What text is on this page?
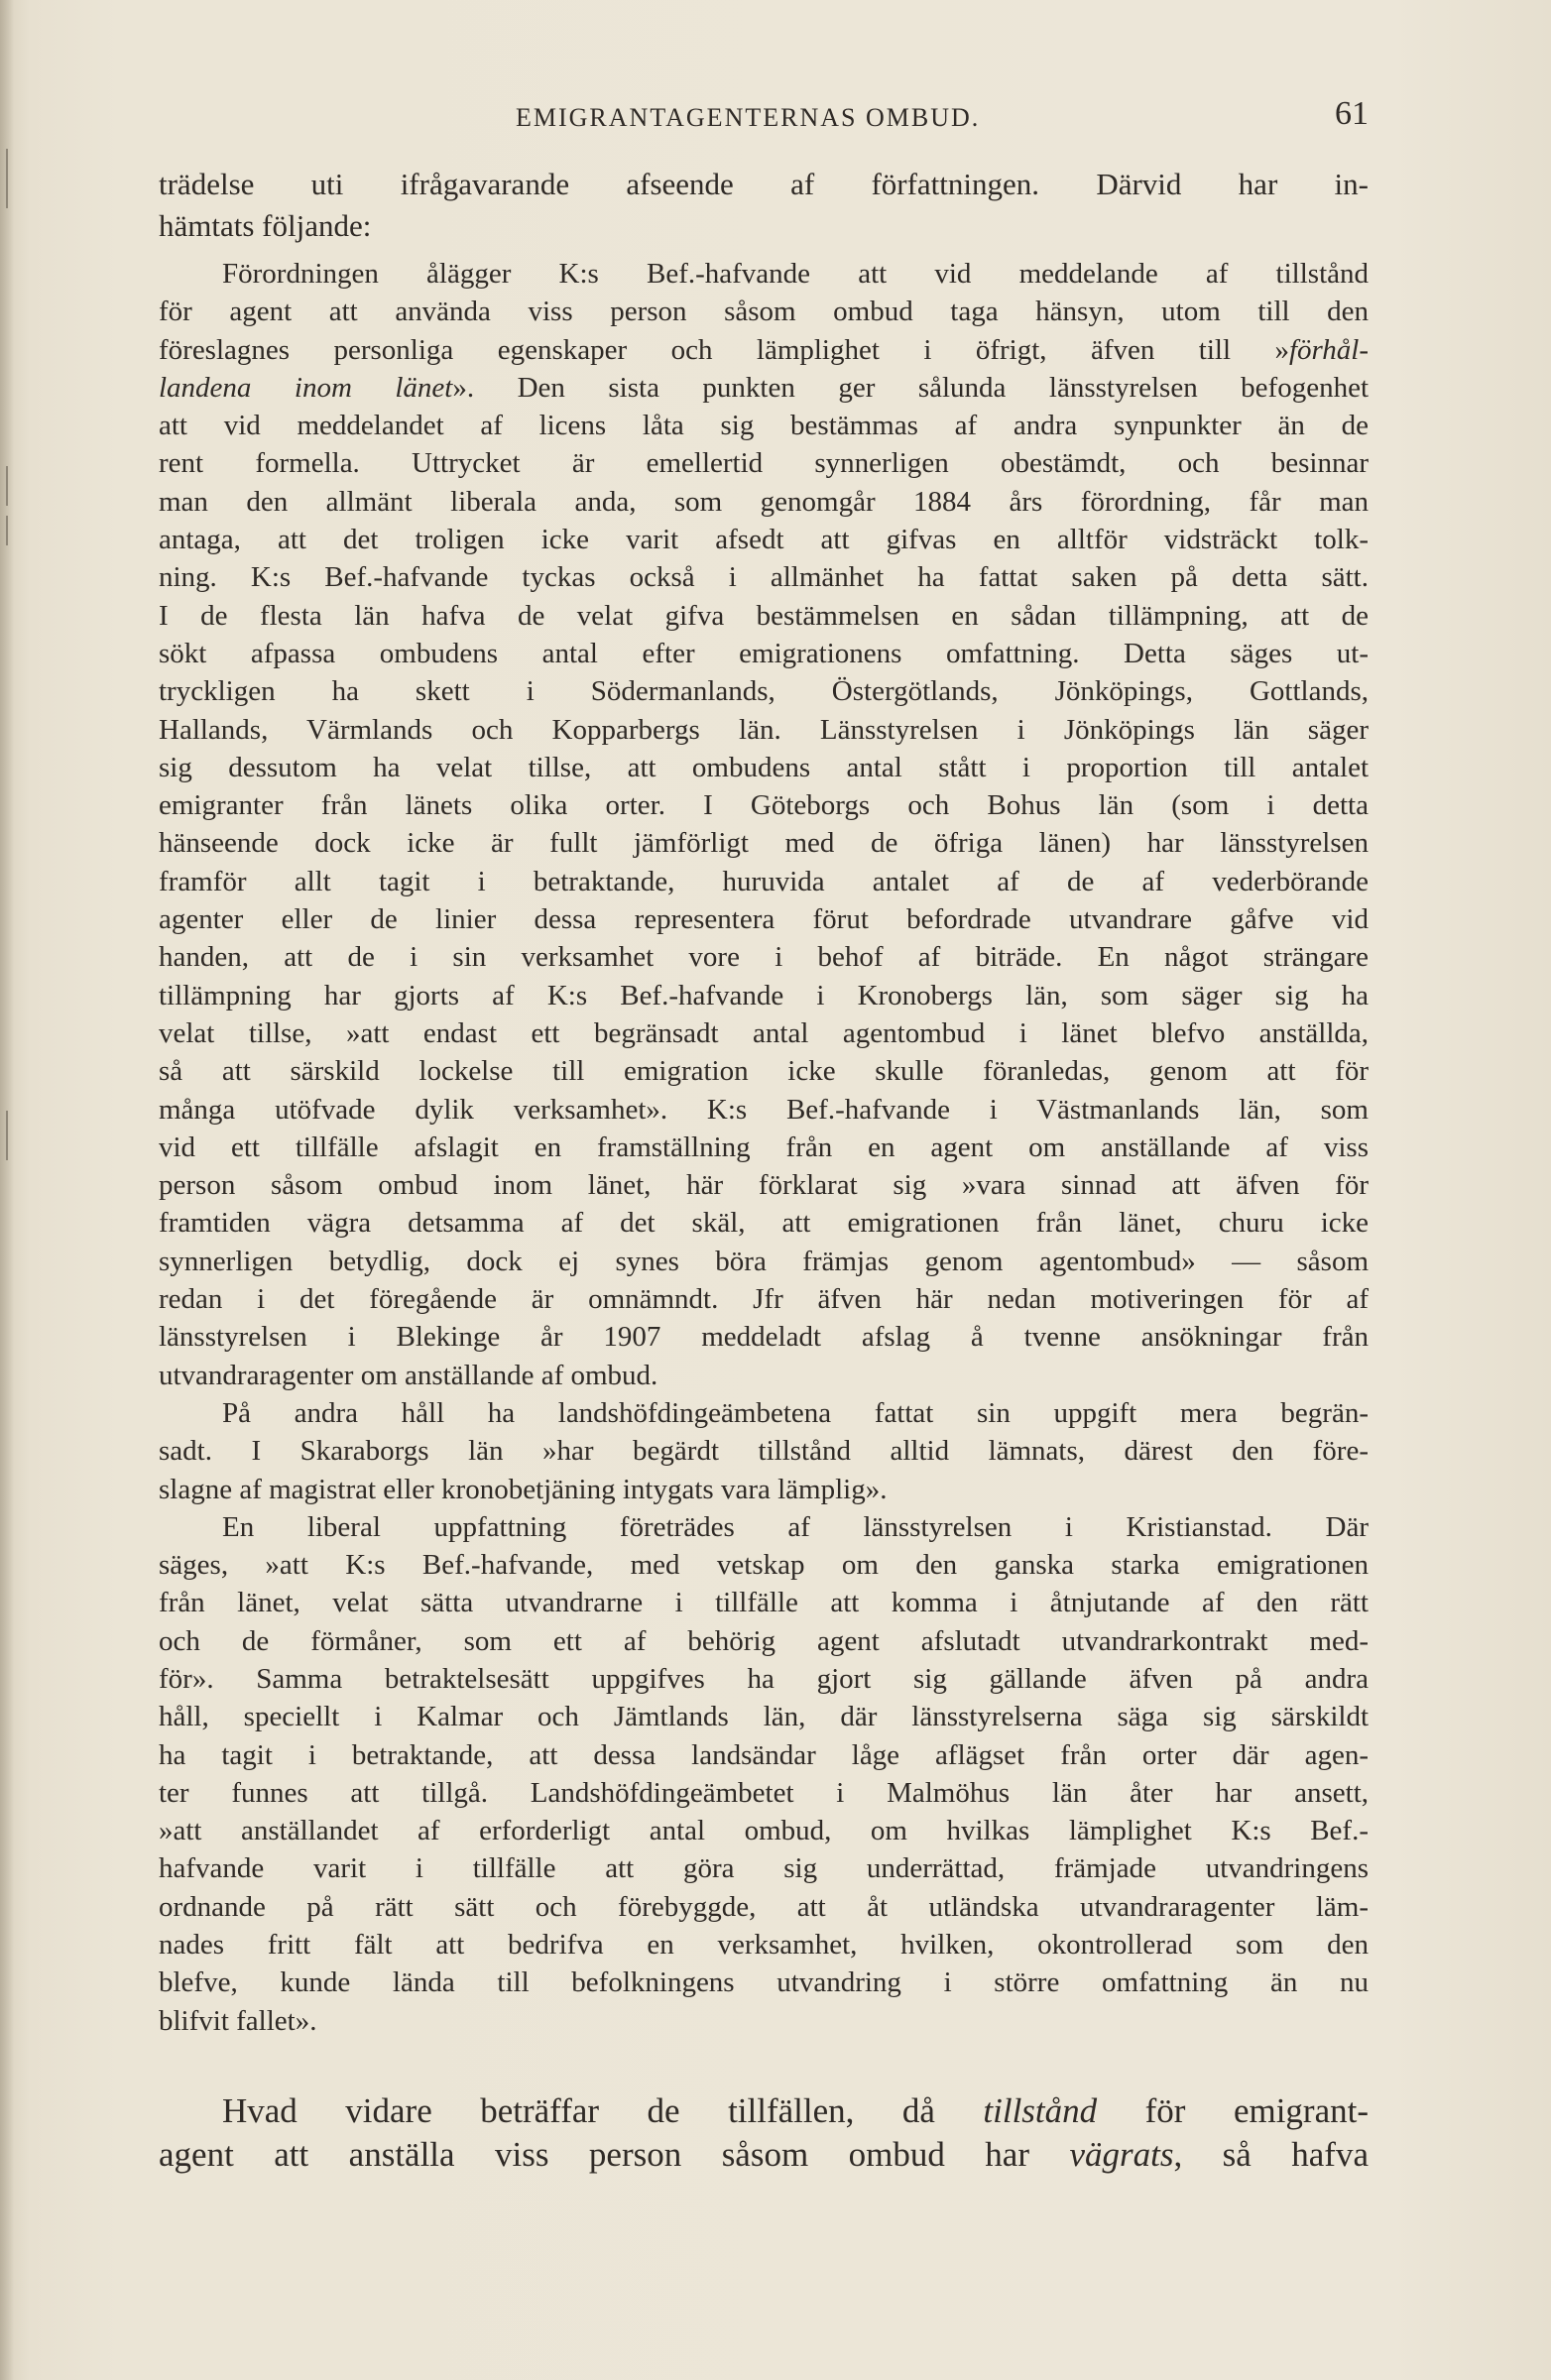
EMIGRANTAGENTERNAS OMBUD.	61
trädelse uti ifrågavarande afseende af författningen. Därvid har in-
hämtats följande:
Förordningen ålägger K:s Bef.-hafvande att vid meddelande af tillstånd
för agent att använda viss person såsom ombud taga hänsyn, utom till den
föreslagnes personliga egenskaper och lämplighet i öfrigt, äfven till »förhål-
landena inom länet». Den sista punkten ger sålunda länsstyrelsen befogenhet
att vid meddelandet af licens låta sig bestämmas af andra synpunkter än de
rent formella. Uttrycket är emellertid synnerligen obestämdt, och besinnar
man den allmänt liberala anda, som genomgår 1884 års förordning, får man
antaga, att det troligen icke varit afsedt att gifvas en alltför vidsträckt tolk-
ning. K:s Bef.-hafvande tyckas också i allmänhet ha fattat saken på detta sätt.
I de flesta län hafva de velat gifva bestämmelsen en sådan tillämpning, att de
sökt afpassa ombudens antal efter emigrationens omfattning. Detta säges ut-
tryckligen ha skett i Södermanlands, Östergötlands, Jönköpings, Gottlands,
Hallands, Värmlands och Kopparbergs län. Länsstyrelsen i Jönköpings län säger
sig dessutom ha velat tillse, att ombudens antal stått i proportion till antalet
emigranter från länets olika orter. I Göteborgs och Bohus län (som i detta
hänseende dock icke är fullt jämförligt med de öfriga länen) har länsstyrelsen
framför allt tagit i betraktande, huruvida antalet af de af vederbörande
agenter eller de linier dessa representera förut befordrade utvandrare gåfve vid
handen, att de i sin verksamhet vore i behof af biträde. En något strängare
tillämpning har gjorts af K:s Bef.-hafvande i Kronobergs län, som säger sig ha
velat tillse, »att endast ett begränsadt antal agentombud i länet blefvo anställda,
så att särskild lockelse till emigration icke skulle föranledas, genom att för
många utöfvade dylik verksamhet». K:s Bef.-hafvande i Västmanlands län, som
vid ett tillfälle afslagit en framställning från en agent om anställande af viss
person såsom ombud inom länet, här förklarat sig »vara sinnad att äfven för
framtiden vägra detsamma af det skäl, att emigrationen från länet, churu icke
synnerligen betydlig, dock ej synes böra främjas genom agentombud» — såsom
redan i det föregående är omnämndt. Jfr äfven här nedan motiveringen för af
länsstyrelsen i Blekinge år 1907 meddeladt afslag å tvenne ansökningar från
utvandraragenter om anställande af ombud.
På andra håll ha landshöfdingeämbetena fattat sin uppgift mera begrän-
sadt. I Skaraborgs län »har begärdt tillstånd alltid lämnats, därest den före-
slagne af magistrat eller kronobetjäning intygats vara lämplig».
En liberal uppfattning företrädes af länsstyrelsen i Kristianstad. Där
säges, »att K:s Bef.-hafvande, med vetskap om den ganska starka emigrationen
från länet, velat sätta utvandrarne i tillfälle att komma i åtnjutande af den rätt
och de förmåner, som ett af behörig agent afslutadt utvandrarkontrakt med-
för». Samma betraktelsesätt uppgifves ha gjort sig gällande äfven på andra
håll, speciellt i Kalmar och Jämtlands län, där länsstyrelserna säga sig särskildt
ha tagit i betraktande, att dessa landsändar låge aflägset från orter där agen-
ter funnes att tillgå. Landshöfdingeämbetet i Malmöhus län åter har ansett,
»att anställandet af erforderligt antal ombud, om hvilkas lämplighet K:s Bef.-
hafvande varit i tillfälle att göra sig underrättad, främjade utvandringens
ordnande på rätt sätt och förebyggde, att åt utländska utvandraragenter läm-
nades fritt fält att bedrifva en verksamhet, hvilken, okontrollerad som den
blefve, kunde lända till befolkningens utvandring i större omfattning än nu
blifvit fallet».
Hvad vidare beträffar de tillfällen, då tillstånd för emigrant-
agent att anställa viss person såsom ombud har vägrats, så hafva
